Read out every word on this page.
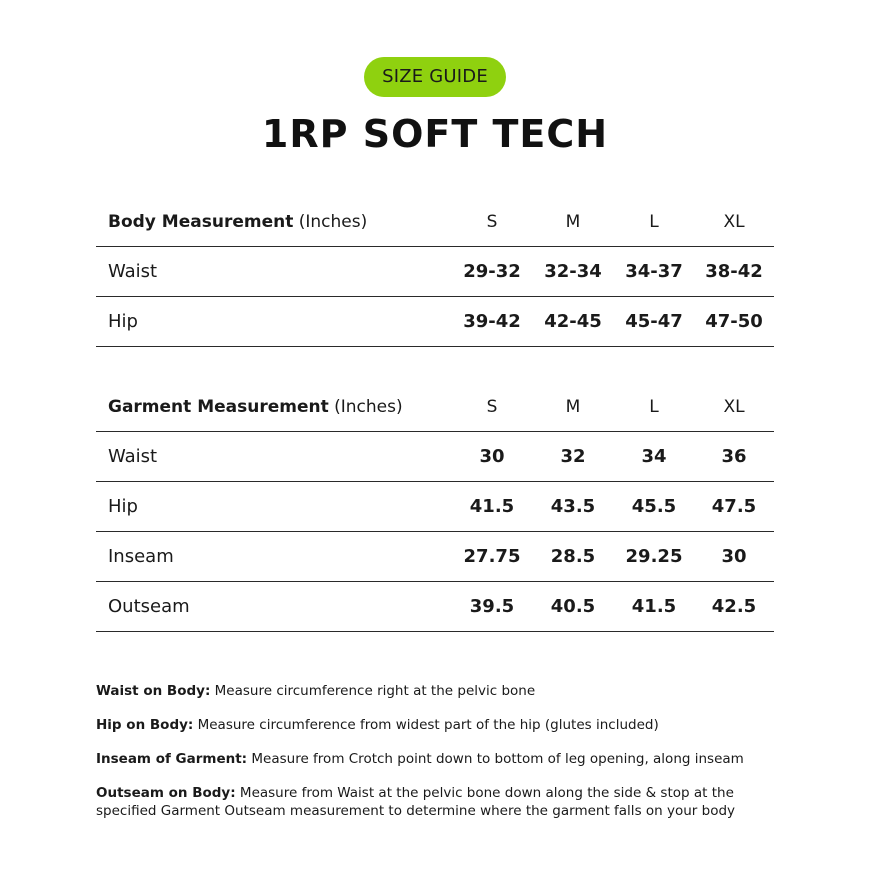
SIZE GUIDE
1RP SOFT TECH
Body Measurement (Inches)	S	M	L	XL
Waist	29-32	32-34	34-37	38-42
Hip	39-42	42-45	45-47	47-50
Garment Measurement (Inches)	S	M	L	XL
Waist	30	32	34	36
Hip	41.5	43.5	45.5	47.5
Inseam	27.75	28.5	29.25	30
Outseam	39.5	40.5	41.5	42.5

Waist on Body: Measure circumference right at the pelvic bone

Hip on Body: Measure circumference from widest part of the hip (glutes included)

Inseam of Garment: Measure from Crotch point down to bottom of leg opening, along inseam

Outseam on Body: Measure from Waist at the pelvic bone down along the side & stop at the specified Garment Outseam measurement to determine where the garment falls on your body
